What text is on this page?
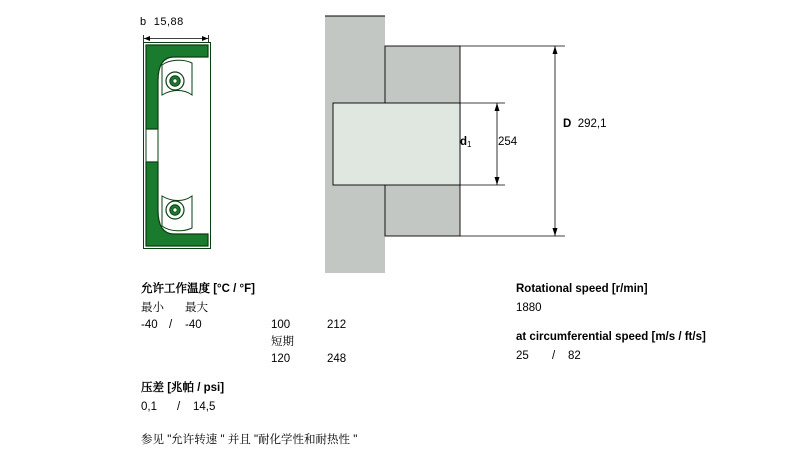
b 15,88
D 292,1
d1 254
允许工作温度 [°C / °F]
最小 最大
-40 / -40	100	212
短期
120	248
压差 [兆帕 / psi]
0,1 / 14,5
参见 "允许转速 " 并且 "耐化学性和耐热性 "
Rotational speed [r/min]
1880
at circumferential speed [m/s / ft/s]
25 / 82
